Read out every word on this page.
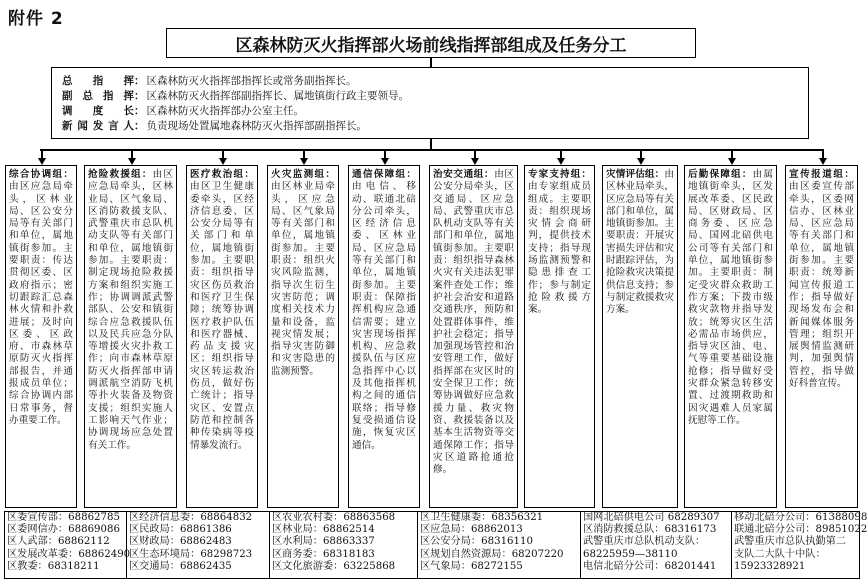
附件 2
区森林防灭火指挥部火场前线指挥部组成及任务分工
总指挥 ： 区森林防灭火指挥部指挥长或常务副指挥长。
副总指挥 ： 区森林防灭火指挥部副指挥长、属地镇街行政主要领导。
调度长 ： 区森林防灭火指挥部办公室主任。
新闻发言人 ： 负责现场处置属地森林防灭火指挥部副指挥长。
综合协调组：由区应急局牵头，区林业局、区公安分局等有关部门和单位，属地镇街参加。主要职责：传达贯彻区委、区政府指示；密切跟踪汇总森林火情和扑救进展；及时向区委、区政府、市森林草原防灭火指挥部报告，并通报成员单位；综合协调内部日常事务，督办重要工作。
抢险救援组：由区应急局牵头，区林业局、区气象局、区消防救援支队、武警重庆市总队机动支队等有关部门和单位，属地镇街参加。主要职责：制定现场抢险救援方案和组织实施工作；协调调派武警部队、公安和镇街综合应急救援队伍以及民兵应急分队等增援火灾扑救工作；向市森林草原防灭火指挥部申请调派航空消防飞机等扑火装备及物资支援；组织实施人工影响天气作业；协调现场应急处置有关工作。
医疗救治组：由区卫生健康委牵头，区经济信息委、区公安分局等有关部门和单位，属地镇街参加。主要职责：组织指导灾区伤员救治和医疗卫生保障；统筹协调医疗救护队伍和医疗器械、药品支援灾区；组织指导灾区转运救治伤员，做好伤亡统计；指导灾区、安置点防范和控制各种传染病等疫情暴发流行。
火灾监测组：由区林业局牵头，区应急局、区气象局等有关部门和单位，属地镇街参加。主要职责：组织火灾风险监测，指导次生衍生灾害防范；调度相关技术力量和设备，监视灾情发展；指导灾害防御和灾害隐患的监测预警。
通信保障组：由电信、移动、联通北碚分公司牵头，区经济信息委、区林业局、区应急局等有关部门和单位，属地镇街参加。主要职责：保障指挥机构应急通信需要；建立灾害现场指挥机构、应急救援队伍与区应急指挥中心以及其他指挥机构之间的通信联络；指导修复受损通信设施，恢复灾区通信。
治安交通组：由区公安分局牵头，区交通局、区应急局、武警重庆市总队机动支队等有关部门和单位，属地镇街参加。主要职责：组织指导森林火灾有关违法犯罪案件查处工作；维护社会治安和道路交通秩序，预防和处置群体事件，维护社会稳定；指导加强现场管控和治安管理工作，做好指挥部在灾区时的安全保卫工作；统筹协调做好应急救援力量、救灾物资、救援装备以及基本生活物资等交通保障工作；指导灾区道路抢通抢修。
专家支持组：由专家组成员组成。主要职责：组织现场灾情会商研判，提供技术支持；指导现场监测预警和隐患排查工作；参与制定抢险救援方案。
灾情评估组：由区林业局牵头，区应急局等有关部门和单位，属地镇街参加。主要职责：开展灾害损失评估和灾时跟踪评估，为抢险救灾决策提供信息支持；参与制定救援救灾方案。
后勤保障组：由属地镇街牵头，区发展改革委、区民政局、区财政局、区商务委、区应急局、国网北碚供电公司等有关部门和单位，属地镇街参加。主要职责：制定受灾群众救助工作方案；下拨市级救灾款物并指导发放；统筹灾区生活必需品市场供应，指导灾区油、电、气等重要基础设施抢修；指导做好受灾群众紧急转移安置、过渡期救助和因灾遇难人员家属抚慰等工作。
宣传报道组：由区委宣传部牵头，区委网信办、区林业局、区应急局等有关部门和单位，属地镇街参加。主要职责：统筹新闻宣传报道工作；指导做好现场发布会和新闻媒体服务管理；组织开展舆情监测研判，加强舆情管控，指导做好科普宣传。
区委宣传部：68862785
区委网信办：68869086
区人武部：68862112
区发展改革委：68862490
区教委：68318211
区经济信息委：68864832
区民政局：68861386
区财政局：68862483
区生态环境局：68298723
区交通局：68862435
区农业农村委：68863568
区林业局：68862514
区水利局：68863337
区商务委：68318183
区文化旅游委：63225868
区卫生健康委：68356321
区应急局：68862013
区公安分局：68316110
区规划自然资源局：68207220
区气象局：68272155
国网北碚供电公司 68289307
区消防救援总队：68316173
武警重庆市总队机动支队：
68225959—38110
电信北碚分公司：68201441
移动北碚分公司：61388098
联通北碚分公司：89851022
武警重庆市总队执勤第二
支队二大队十中队：
15923328921
